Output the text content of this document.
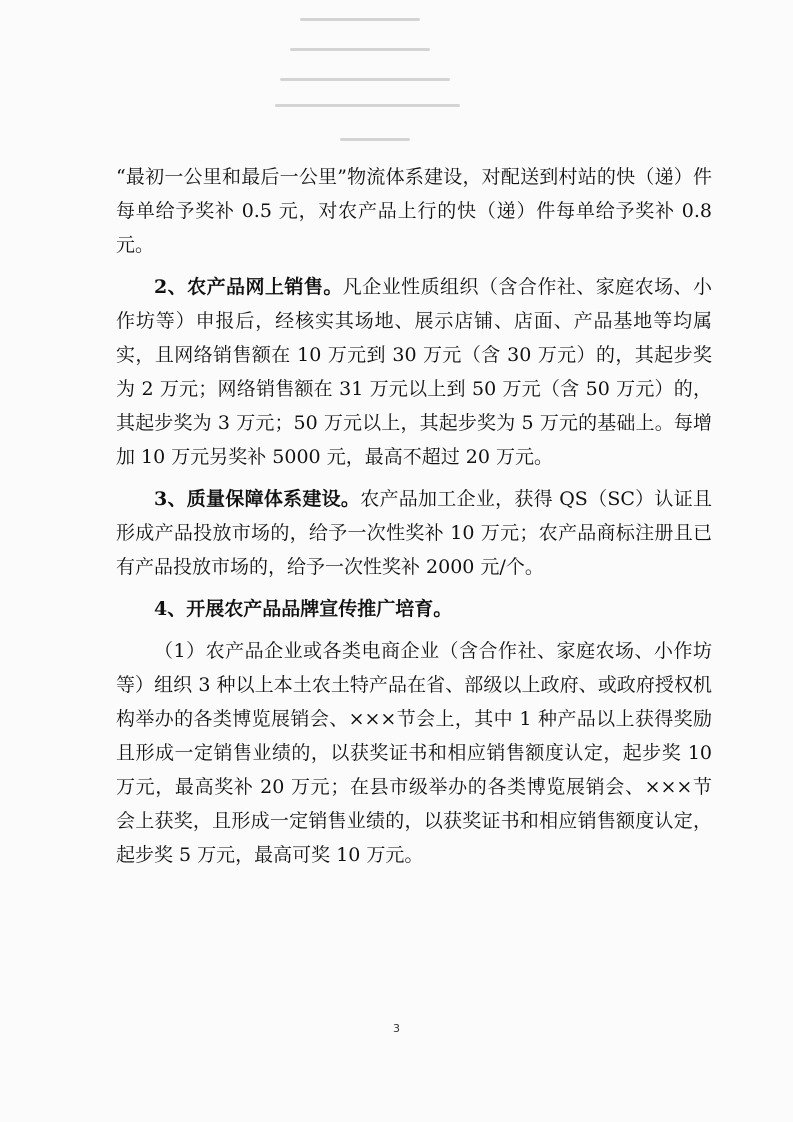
“最初一公里和最后一公里”物流体系建设，对配送到村站的快（递）件每单给予奖补 0.5 元，对农产品上行的快（递）件每单给予奖补 0.8 元。

2、农产品网上销售。凡企业性质组织（含合作社、家庭农场、小作坊等）申报后，经核实其场地、展示店铺、店面、产品基地等均属实，且网络销售额在 10 万元到 30 万元（含 30 万元）的，其起步奖为 2 万元；网络销售额在 31 万元以上到 50 万元（含 50 万元）的，其起步奖为 3 万元；50 万元以上，其起步奖为 5 万元的基础上。每增加 10 万元另奖补 5000 元，最高不超过 20 万元。

3、质量保障体系建设。农产品加工企业，获得 QS（SC）认证且形成产品投放市场的，给予一次性奖补 10 万元；农产品商标注册且已有产品投放市场的，给予一次性奖补 2000 元/个。

4、开展农产品品牌宣传推广培育。

（1）农产品企业或各类电商企业（含合作社、家庭农场、小作坊等）组织 3 种以上本土农土特产品在省、部级以上政府、或政府授权机构举办的各类博览展销会、×××节会上，其中 1 种产品以上获得奖励且形成一定销售业绩的，以获奖证书和相应销售额度认定，起步奖 10 万元，最高奖补 20 万元；在县市级举办的各类博览展销会、×××节会上获奖，且形成一定销售业绩的，以获奖证书和相应销售额度认定，起步奖 5 万元，最高可奖 10 万元。

3
